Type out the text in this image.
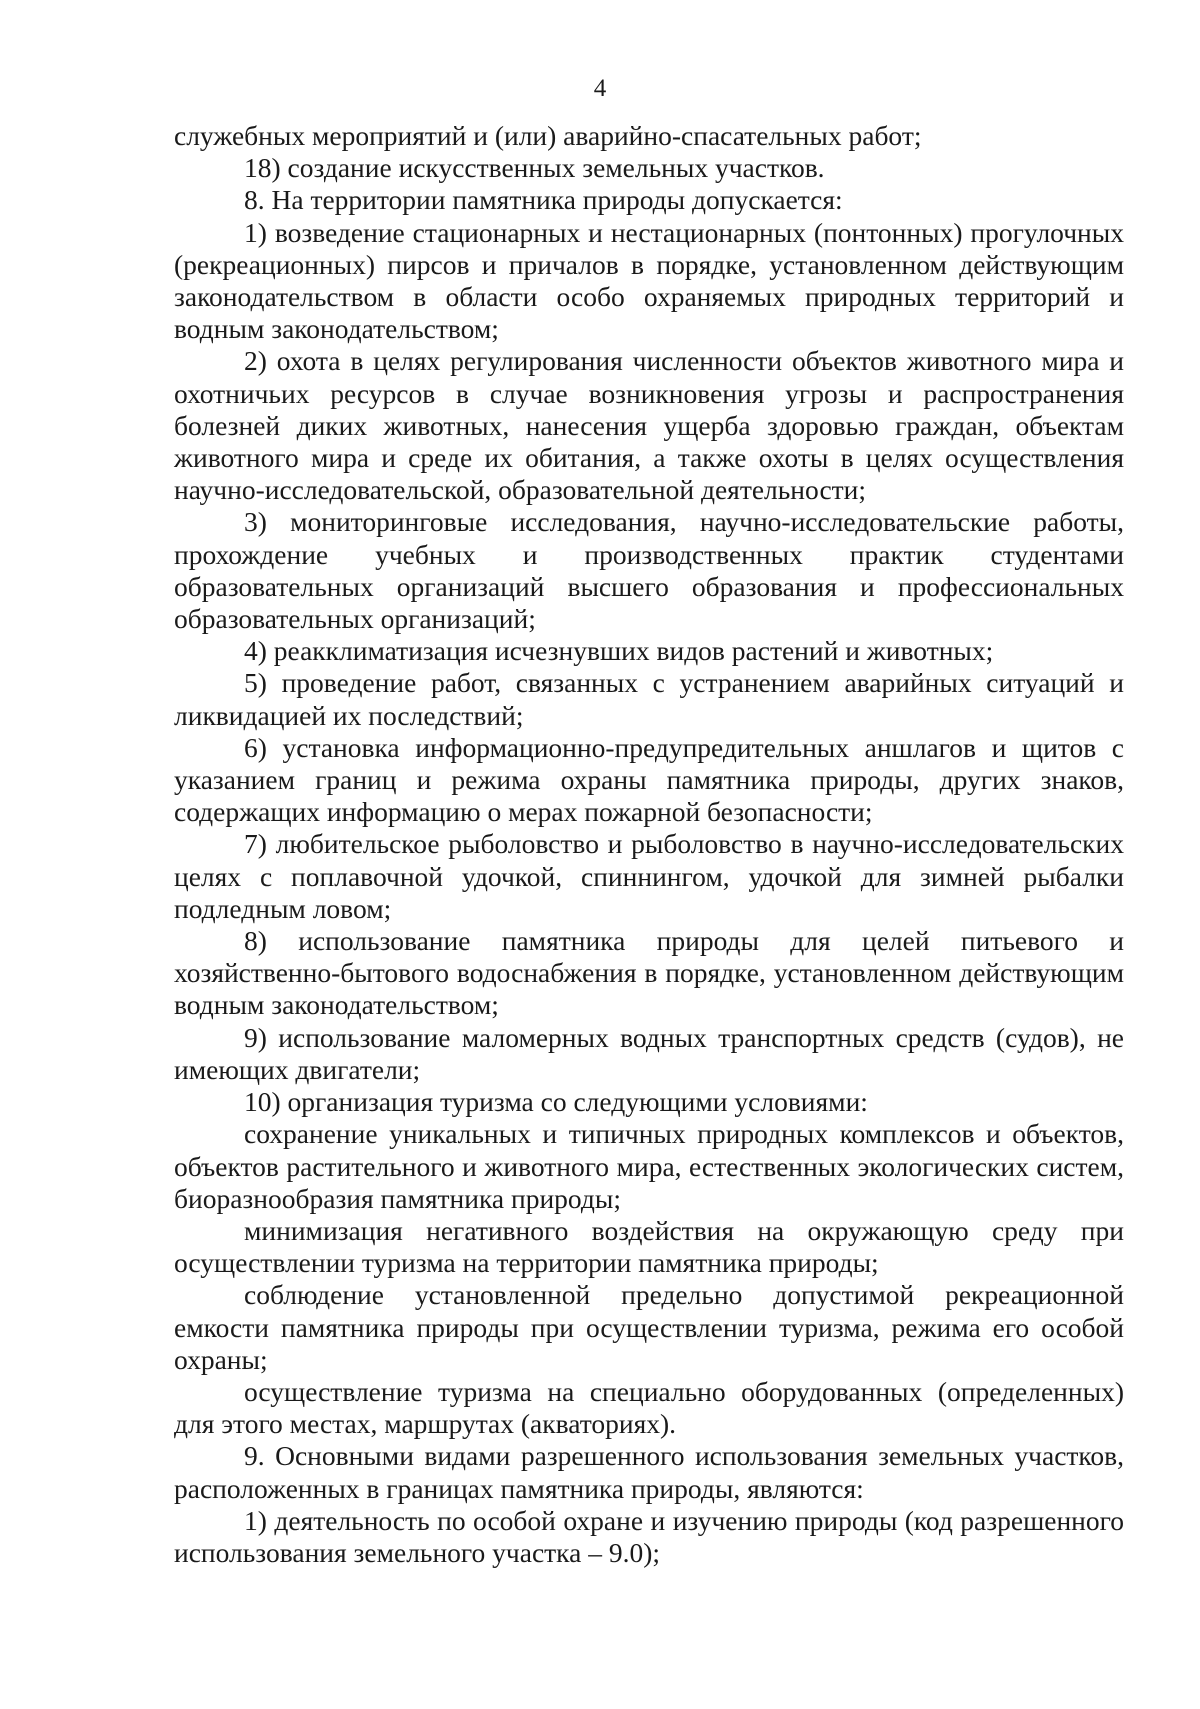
4

служебных мероприятий и (или) аварийно-спасательных работ;

18) создание искусственных земельных участков.

8. На территории памятника природы допускается:

1) возведение стационарных и нестационарных (понтонных) прогулочных (рекреационных) пирсов и причалов в порядке, установленном действующим законодательством в области особо охраняемых природных территорий и водным законодательством;

2) охота в целях регулирования численности объектов животного мира и охотничьих ресурсов в случае возникновения угрозы и распространения болезней диких животных, нанесения ущерба здоровью граждан, объектам животного мира и среде их обитания, а также охоты в целях осуществления научно-исследовательской, образовательной деятельности;

3) мониторинговые исследования, научно-исследовательские работы, прохождение учебных и производственных практик студентами образовательных организаций высшего образования и профессиональных образовательных организаций;

4) реакклиматизация исчезнувших видов растений и животных;

5) проведение работ, связанных с устранением аварийных ситуаций и ликвидацией их последствий;

6) установка информационно-предупредительных аншлагов и щитов с указанием границ и режима охраны памятника природы, других знаков, содержащих информацию о мерах пожарной безопасности;

7) любительское рыболовство и рыболовство в научно-исследовательских целях с поплавочной удочкой, спиннингом, удочкой для зимней рыбалки подледным ловом;

8) использование памятника природы для целей питьевого и хозяйственно-бытового водоснабжения в порядке, установленном действующим водным законодательством;

9) использование маломерных водных транспортных средств (судов), не имеющих двигатели;

10) организация туризма со следующими условиями:

сохранение уникальных и типичных природных комплексов и объектов, объектов растительного и животного мира, естественных экологических систем, биоразнообразия памятника природы;

минимизация негативного воздействия на окружающую среду при осуществлении туризма на территории памятника природы;

соблюдение установленной предельно допустимой рекреационной емкости памятника природы при осуществлении туризма, режима его особой охраны;

осуществление туризма на специально оборудованных (определенных) для этого местах, маршрутах (акваториях).

9. Основными видами разрешенного использования земельных участков, расположенных в границах памятника природы, являются:

1) деятельность по особой охране и изучению природы (код разрешенного использования земельного участка – 9.0);
